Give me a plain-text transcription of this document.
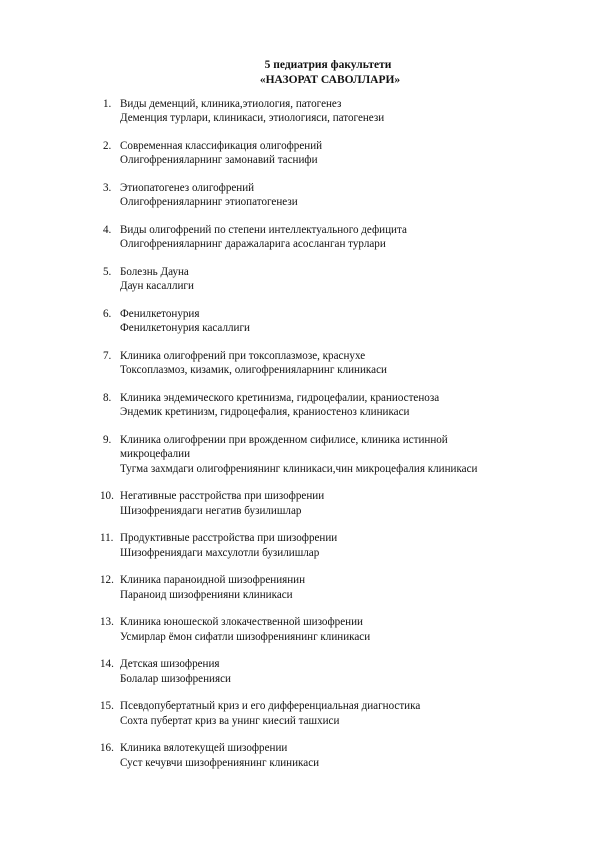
5 педиатрия факультети
«НАЗОРАТ САВОЛЛАРИ»
1. Виды деменций, клиника,этиология, патогенез
Деменция турлари, клиникаси, этиологияси, патогенези
2. Современная классификация олигофрений
Олигофренияларнинг замонавий таснифи
3. Этиопатогенез олигофрений
Олигофренияларнинг этиопатогенези
4. Виды олигофрений по степени интеллектуального дефицита
Олигофренияларнинг даражаларига асосланган турлари
5. Болезнь Дауна
Даун касаллиги
6. Фенилкетонурия
Фенилкетонурия касаллиги
7. Клиника олигофрений при токсоплазмозе, краснухе
Токсоплазмоз, кизамик, олигофренияларнинг клиникаси
8. Клиника эндемического кретинизма, гидроцефалии, краниостеноза
Эндемик кретинизм, гидроцефалия, краниостеноз клиникаси
9. Клиника олигофрении при врожденном сифилисе, клиника истинной
микроцефалии
Тугма захмдаги олигофрениянинг клиникаси,чин микроцефалия клиникаси
10. Негативные расстройства при шизофрении
Шизофрениядаги негатив бузилишлар
11. Продуктивные расстройства при шизофрении
Шизофрениядаги махсулотли бузилишлар
12. Клиника параноидной шизофрениянин
Параноид шизофренияни клиникаси
13. Клиника юношеской злокачественной шизофрении
Усмирлар ёмон сифатли шизофрениянинг клиникаси
14. Детская шизофрения
Болалар шизофренияси
15. Псевдопубертатный криз и его дифференциальная диагностика
Сохта пубертат криз ва унинг киесий ташхиси
16. Клиника вялотекущей шизофрении
Суст кечувчи шизофрениянинг клиникаси
